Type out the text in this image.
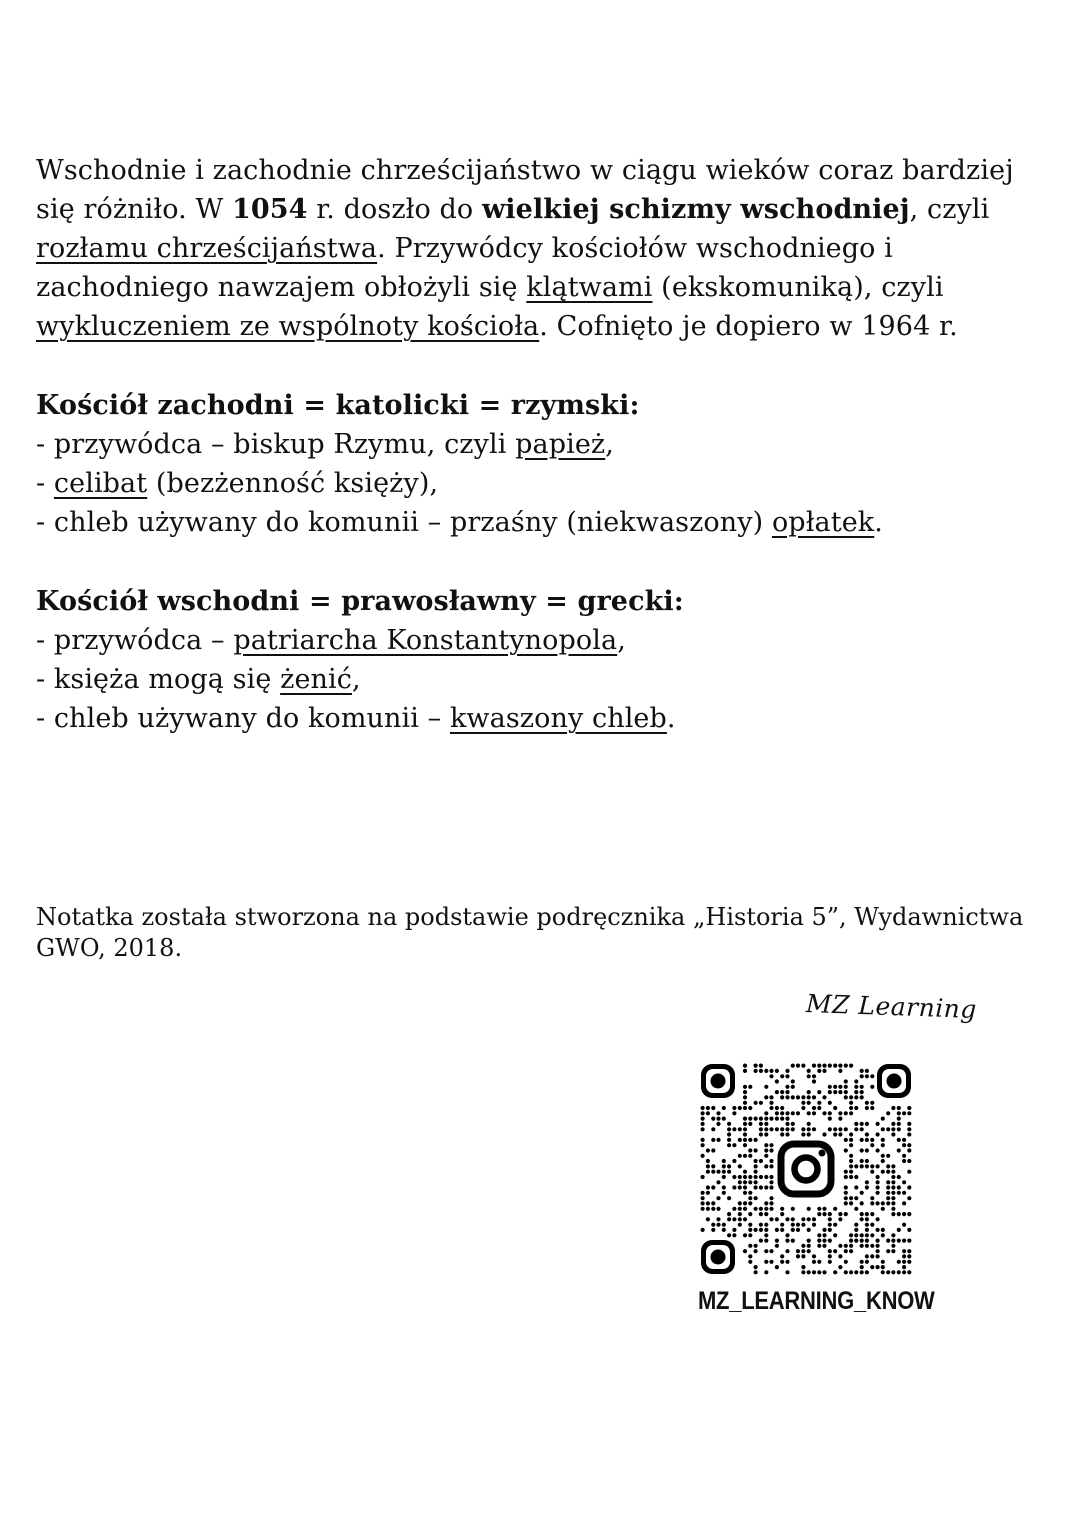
Wschodnie i zachodnie chrześcijaństwo w ciągu wieków coraz bardziej
się różniło. W 1054 r. doszło do wielkiej schizmy wschodniej, czyli
rozłamu chrześcijaństwa. Przywódcy kościołów wschodniego i
zachodniego nawzajem obłożyli się klątwami (ekskomuniką), czyli
wykluczeniem ze wspólnoty kościoła. Cofnięto je dopiero w 1964 r.
Kościół zachodni = katolicki = rzymski:
- przywódca – biskup Rzymu, czyli papież,
- celibat (bezżenność księży),
- chleb używany do komunii – przaśny (niekwaszony) opłatek.
Kościół wschodni = prawosławny = grecki:
- przywódca – patriarcha Konstantynopola,
- księża mogą się żenić,
- chleb używany do komunii – kwaszony chleb.
Notatka została stworzona na podstawie podręcznika „Historia 5”, Wydawnictwa GWO, 2018.
MZ Learning
MZ_LEARNING_KNOW
